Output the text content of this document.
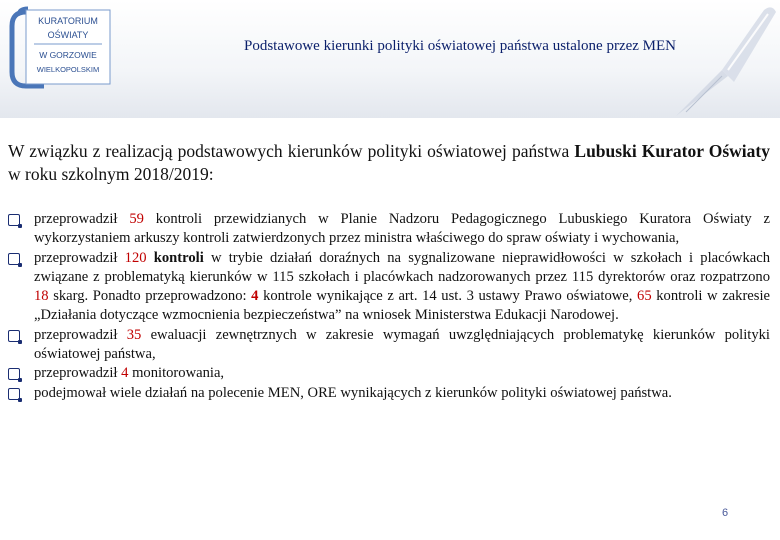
KURATORIUM
OŚWIATY
W GORZOWIE
WIELKOPOLSKIM
Podstawowe kierunki polityki oświatowej państwa ustalone przez MEN
W związku z realizacją podstawowych kierunków polityki oświatowej państwa Lubuski Kurator Oświaty w roku szkolnym 2018/2019:
przeprowadził 59 kontroli przewidzianych w Planie Nadzoru Pedagogicznego Lubuskiego Kuratora Oświaty z wykorzystaniem arkuszy kontroli zatwierdzonych przez ministra właściwego do spraw oświaty i wychowania,
przeprowadził 120 kontroli w trybie działań doraźnych na sygnalizowane nieprawidłowości w szkołach i placówkach związane z problematyką kierunków w 115 szkołach i placówkach nadzorowanych przez 115 dyrektorów oraz rozpatrzono 18 skarg. Ponadto przeprowadzono: 4 kontrole wynikające z art. 14 ust. 3 ustawy Prawo oświatowe, 65 kontroli w zakresie „Działania dotyczące wzmocnienia bezpieczeństwa” na wniosek Ministerstwa Edukacji Narodowej.
przeprowadził 35 ewaluacji zewnętrznych w zakresie wymagań uwzględniających problematykę kierunków polityki oświatowej państwa,
przeprowadził 4 monitorowania,
podejmował wiele działań na polecenie MEN, ORE wynikających z kierunków polityki oświatowej państwa.
6
